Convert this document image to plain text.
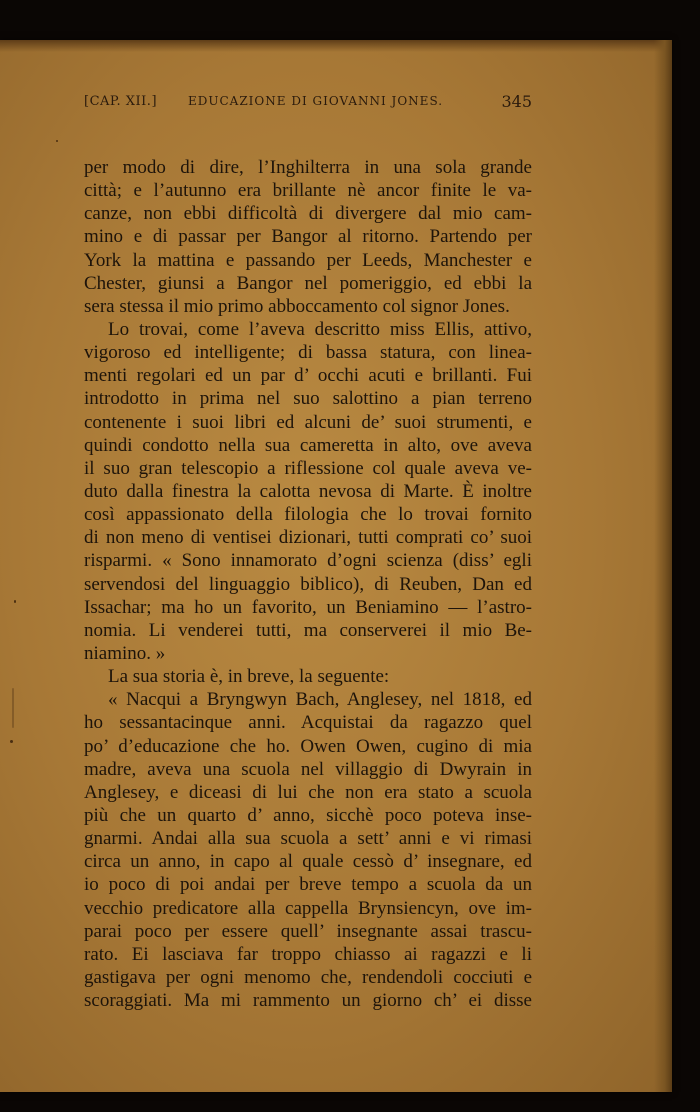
[CAP. XII.]	EDUCAZIONE DI GIOVANNI JONES.	345
per modo di dire, l’Inghilterra in una sola grande
città; e l’autunno era brillante nè ancor finite le va-
canze, non ebbi difficoltà di divergere dal mio cam-
mino e di passar per Bangor al ritorno. Partendo per
York la mattina e passando per Leeds, Manchester e
Chester, giunsi a Bangor nel pomeriggio, ed ebbi la
sera stessa il mio primo abboccamento col signor Jones.
Lo trovai, come l’aveva descritto miss Ellis, attivo,
vigoroso ed intelligente; di bassa statura, con linea-
menti regolari ed un par d’ occhi acuti e brillanti. Fui
introdotto in prima nel suo salottino a pian terreno
contenente i suoi libri ed alcuni de’ suoi strumenti, e
quindi condotto nella sua cameretta in alto, ove aveva
il suo gran telescopio a riflessione col quale aveva ve-
duto dalla finestra la calotta nevosa di Marte. È inoltre
così appassionato della filologia che lo trovai fornito
di non meno di ventisei dizionari, tutti comprati co’ suoi
risparmi. « Sono innamorato d’ogni scienza (diss’ egli
servendosi del linguaggio biblico), di Reuben, Dan ed
Issachar; ma ho un favorito, un Beniamino — l’astro-
nomia. Li venderei tutti, ma conserverei il mio Be-
niamino. »
La sua storia è, in breve, la seguente:
« Nacqui a Bryngwyn Bach, Anglesey, nel 1818, ed
ho sessantacinque anni. Acquistai da ragazzo quel
po’ d’educazione che ho. Owen Owen, cugino di mia
madre, aveva una scuola nel villaggio di Dwyrain in
Anglesey, e diceasi di lui che non era stato a scuola
più che un quarto d’ anno, sicchè poco poteva inse-
gnarmi. Andai alla sua scuola a sett’ anni e vi rimasi
circa un anno, in capo al quale cessò d’ insegnare, ed
io poco di poi andai per breve tempo a scuola da un
vecchio predicatore alla cappella Brynsiencyn, ove im-
parai poco per essere quell’ insegnante assai trascu-
rato. Ei lasciava far troppo chiasso ai ragazzi e li
gastigava per ogni menomo che, rendendoli cocciuti e
scoraggiati. Ma mi rammento un giorno ch’ ei disse
